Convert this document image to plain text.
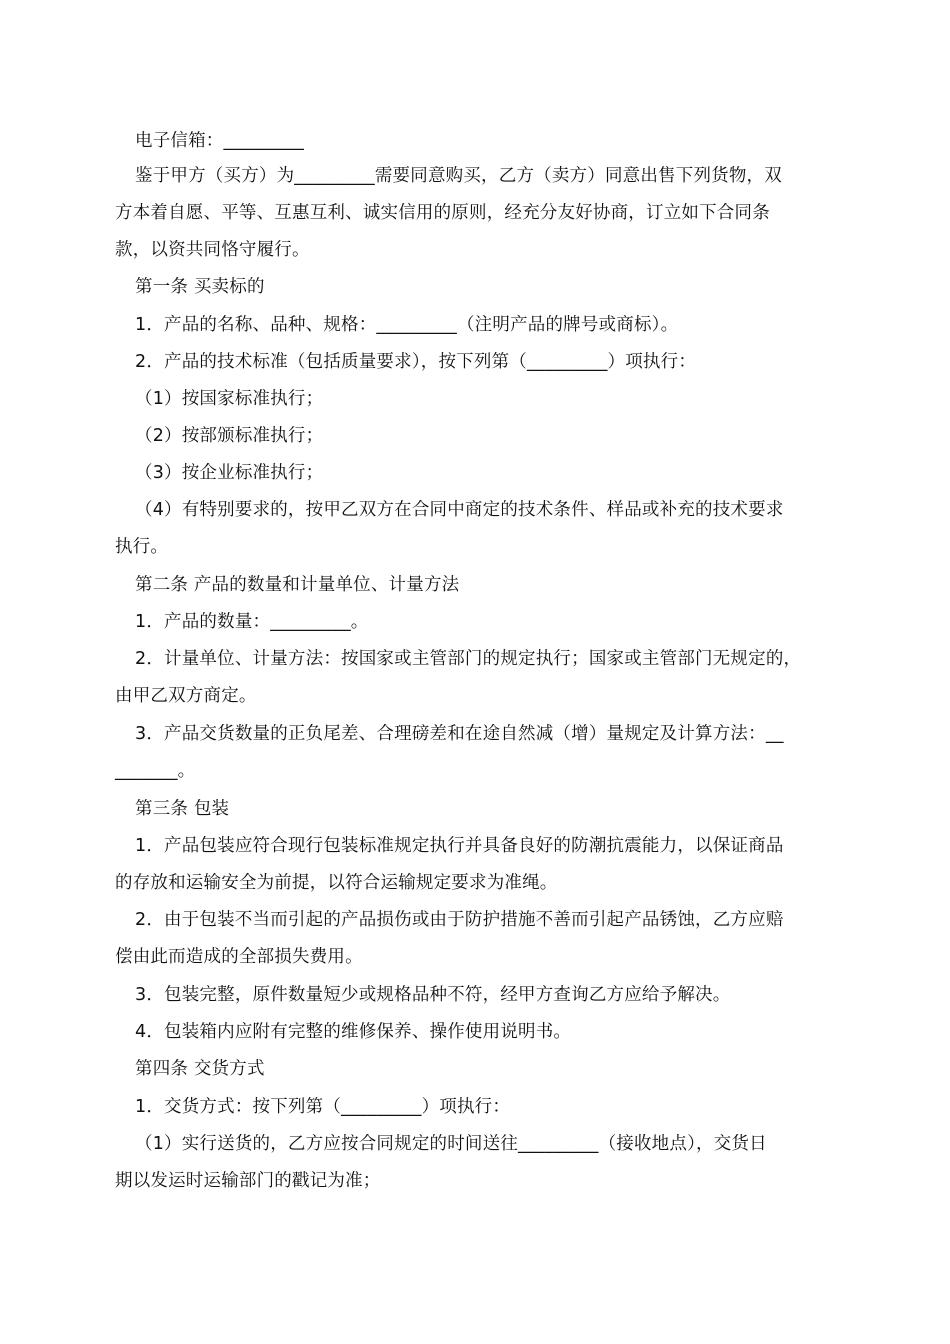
电子信箱：_________
鉴于甲方（买方）为_________需要同意购买，乙方（卖方）同意出售下列货物，双
方本着自愿、平等、互惠互利、诚实信用的原则，经充分友好协商，订立如下合同条
款，以资共同恪守履行。
第一条 买卖标的
1．产品的名称、品种、规格：_________（注明产品的牌号或商标）。
2．产品的技术标准（包括质量要求），按下列第（_________）项执行：
（1）按国家标准执行；
（2）按部颁标准执行；
（3）按企业标准执行；
（4）有特别要求的，按甲乙双方在合同中商定的技术条件、样品或补充的技术要求
执行。
第二条 产品的数量和计量单位、计量方法
1．产品的数量：_________。
2．计量单位、计量方法：按国家或主管部门的规定执行；国家或主管部门无规定的，
由甲乙双方商定。
3．产品交货数量的正负尾差、合理磅差和在途自然减（增）量规定及计算方法：__
_______。
第三条 包装
1．产品包装应符合现行包装标准规定执行并具备良好的防潮抗震能力，以保证商品
的存放和运输安全为前提，以符合运输规定要求为准绳。
2．由于包装不当而引起的产品损伤或由于防护措施不善而引起产品锈蚀，乙方应赔
偿由此而造成的全部损失费用。
3．包装完整，原件数量短少或规格品种不符，经甲方查询乙方应给予解决。
4．包装箱内应附有完整的维修保养、操作使用说明书。
第四条 交货方式
1．交货方式：按下列第（_________）项执行：
（1）实行送货的，乙方应按合同规定的时间送往_________（接收地点），交货日
期以发运时运输部门的戳记为准；
